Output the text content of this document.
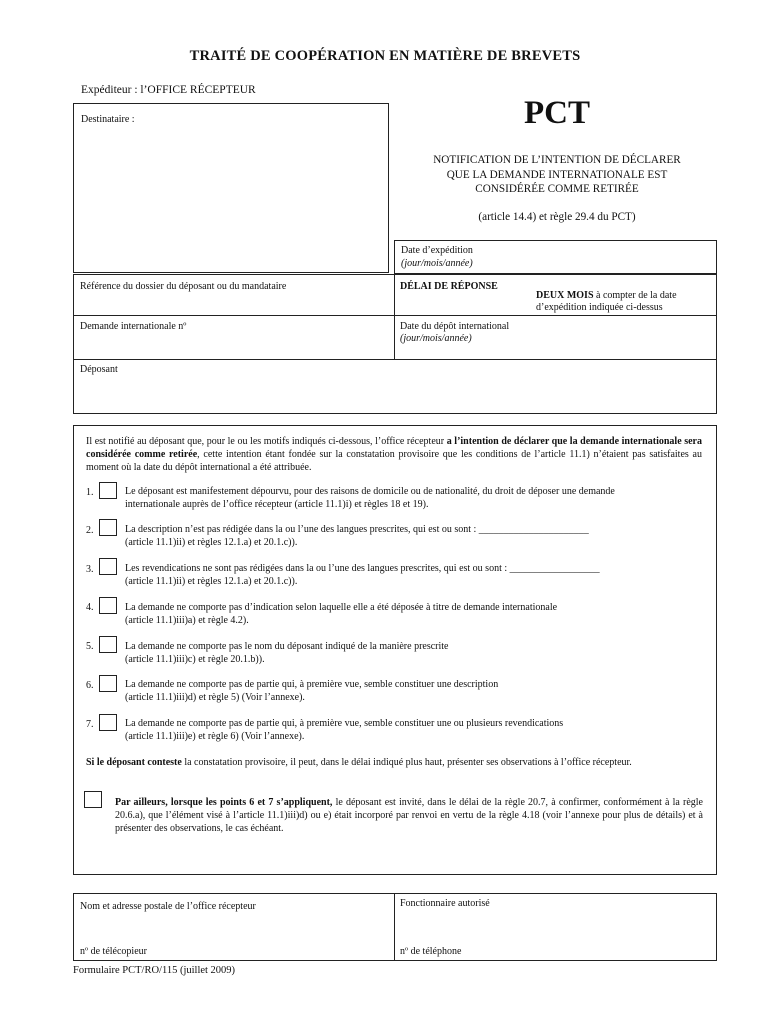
TRAITÉ DE COOPÉRATION EN MATIÈRE DE BREVETS
Expéditeur : l’OFFICE RÉCEPTEUR
Destinataire :	PCT
NOTIFICATION DE L’INTENTION DE DÉCLARER
QUE LA DEMANDE INTERNATIONALE EST
CONSIDÉRÉE COMME RETIRÉE
(article 14.4) et règle 29.4 du PCT)
Date d’expédition
(jour/mois/année)
Référence du dossier du déposant ou du mandataire	DÉLAI DE RÉPONSE
DEUX MOIS à compter de la date
d’expédition indiquée ci-dessus
Demande internationale nº	Date du dépôt international
(jour/mois/année)
Déposant
Il est notifié au déposant que, pour le ou les motifs indiqués ci-dessous, l’office récepteur a l’intention de déclarer que la demande internationale sera considérée comme retirée, cette intention étant fondée sur la constatation provisoire que les conditions de l’article 11.1) n’étaient pas satisfaites au moment où la date du dépôt international a été attribuée.
1.	Le déposant est manifestement dépourvu, pour des raisons de domicile ou de nationalité, du droit de déposer une demande
internationale auprès de l’office récepteur (article 11.1)i) et règles 18 et 19).
2.	La description n’est pas rédigée dans la ou l’une des langues prescrites, qui est ou sont : ______________________
(article 11.1)ii) et règles 12.1.a) et 20.1.c)).
3.	Les revendications ne sont pas rédigées dans la ou l’une des langues prescrites, qui est ou sont : __________________
(article 11.1)ii) et règles 12.1.a) et 20.1.c)).
4.	La demande ne comporte pas d’indication selon laquelle elle a été déposée à titre de demande internationale
(article 11.1)iii)a) et règle 4.2).
5.	La demande ne comporte pas le nom du déposant indiqué de la manière prescrite
(article 11.1)iii)c) et règle 20.1.b)).
6.	La demande ne comporte pas de partie qui, à première vue, semble constituer une description
(article 11.1)iii)d) et règle 5) (Voir l’annexe).
7.	La demande ne comporte pas de partie qui, à première vue, semble constituer une ou plusieurs revendications
(article 11.1)iii)e) et règle 6) (Voir l’annexe).
Si le déposant conteste la constatation provisoire, il peut, dans le délai indiqué plus haut, présenter ses observations à l’office récepteur.
Par ailleurs, lorsque les points 6 et 7 s’appliquent, le déposant est invité, dans le délai de la règle 20.7, à confirmer, conformément à la règle 20.6.a), que l’élément visé à l’article 11.1)iii)d) ou e) était incorporé par renvoi en vertu de la règle 4.18 (voir l’annexe pour plus de détails) et à présenter des observations, le cas échéant.
Nom et adresse postale de l’office récepteur	Fonctionnaire autorisé
nº de télécopieur	nº de téléphone
Formulaire PCT/RO/115 (juillet 2009)
